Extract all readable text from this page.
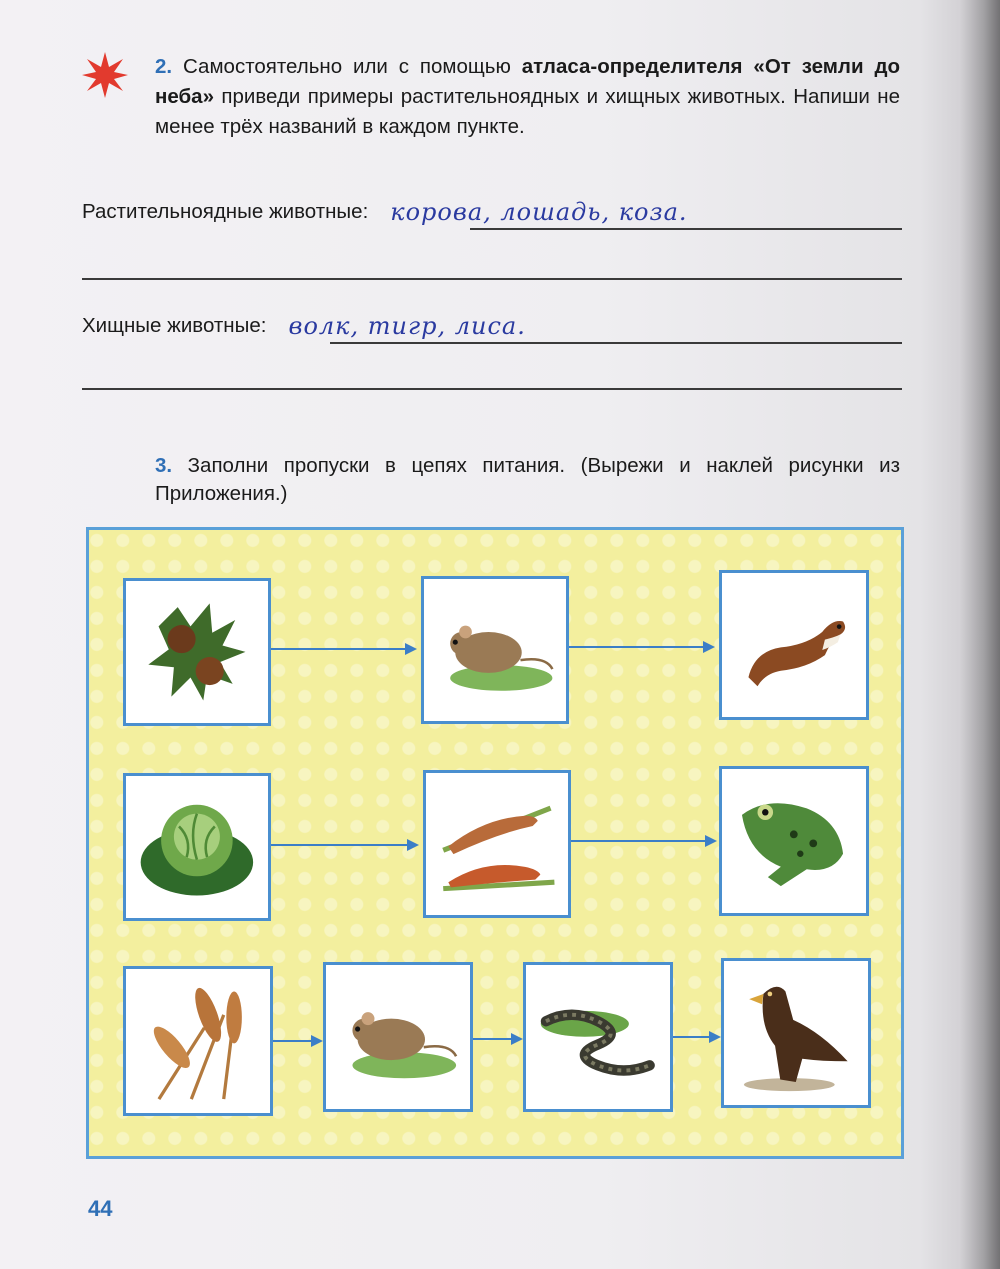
2. Самостоятельно или с помощью атласа-определителя «От земли до неба» приведи примеры растительноядных и хищных животных. Напиши не менее трёх названий в каждом пункте.
Растительноядные животные: корова, лошадь, коза.
Хищные животные: волк, тигр, лиса.
3. Заполни пропуски в цепях питания. (Вырежи и наклей рисунки из Приложения.)
44
